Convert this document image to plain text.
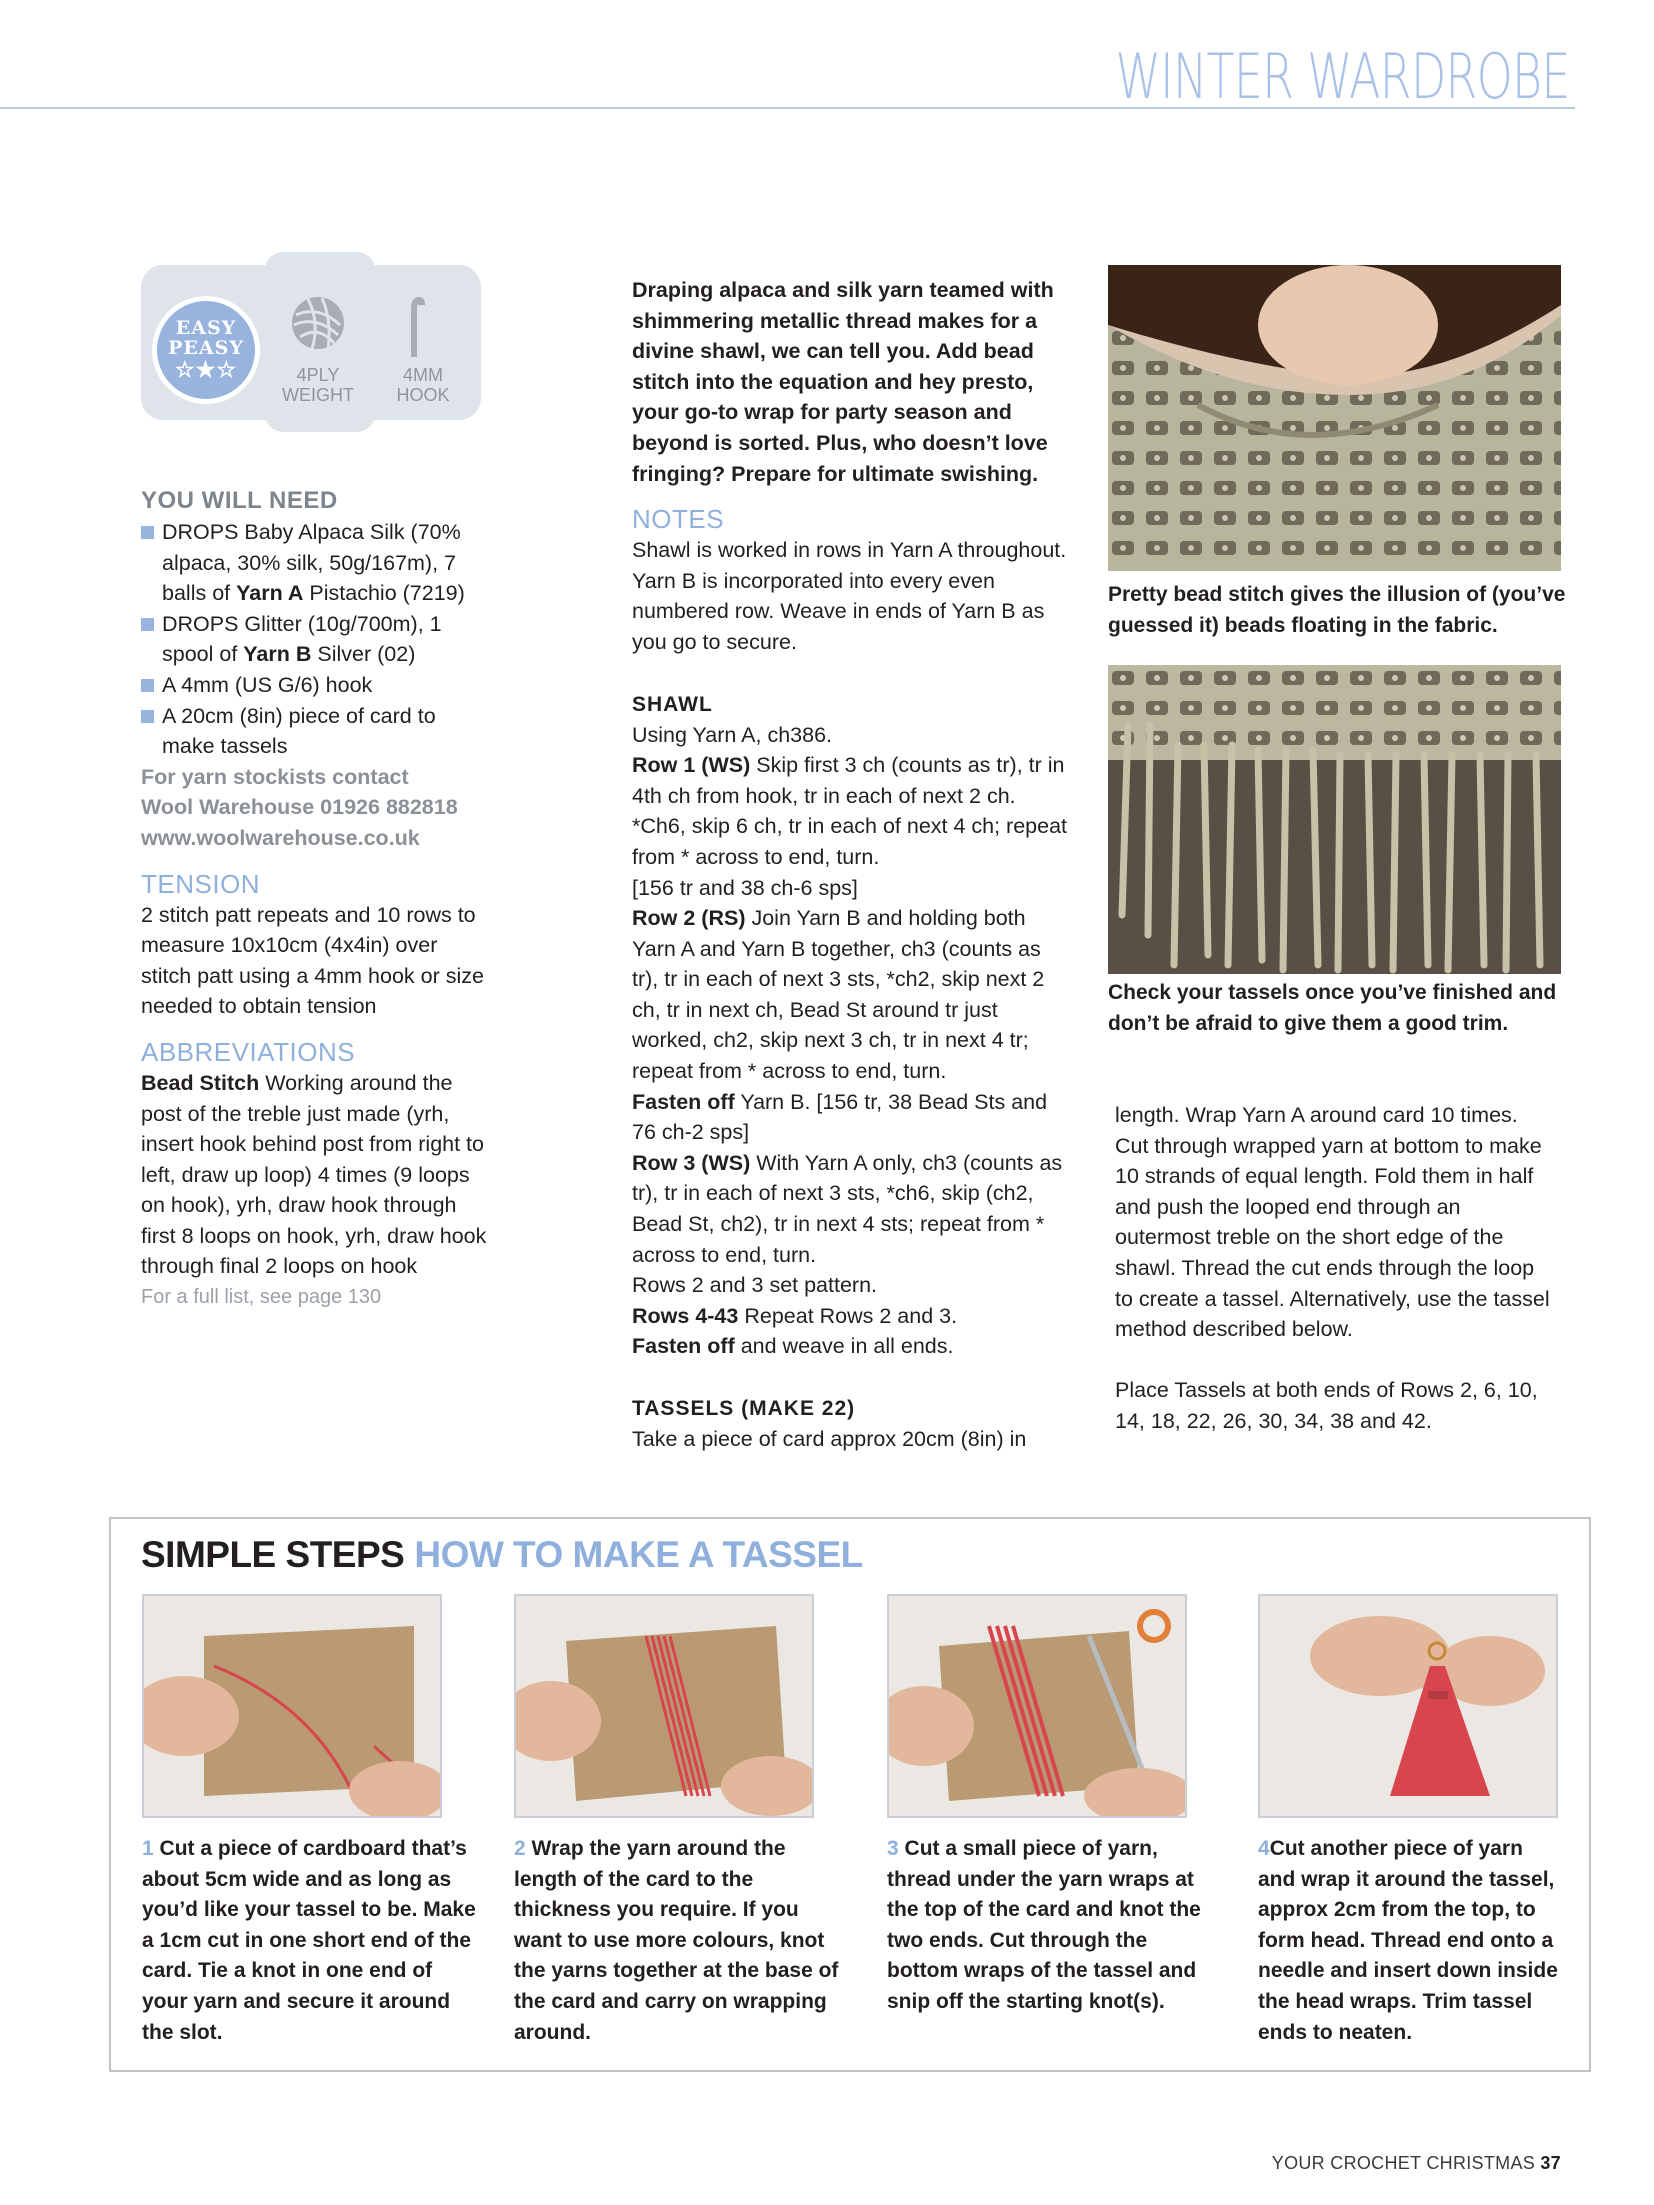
WINTER WARDROBE
EASY
PEASY
☆★☆	4PLY
WEIGHT
4MM
HOOK

YOU WILL NEED

DROPS Baby Alpaca Silk (70% alpaca, 30% silk, 50g/167m), 7 balls of Yarn A Pistachio (7219)

DROPS Glitter (10g/700m), 1 spool of Yarn B Silver (02)

A 4mm (US G/6) hook

A 20cm (8in) piece of card to make tassels

For yarn stockists contact

Wool Warehouse 01926 882818

www.woolwarehouse.co.uk

TENSION

2 stitch patt repeats and 10 rows to measure 10x10cm (4x4in) over stitch patt using a 4mm hook or size needed to obtain tension

ABBREVIATIONS

Bead Stitch Working around the post of the treble just made (yrh, insert hook behind post from right to left, draw up loop) 4 times (9 loops on hook), yrh, draw hook through first 8 loops on hook, yrh, draw hook through final 2 loops on hook

For a full list, see page 130

Draping alpaca and silk yarn teamed with shimmering metallic thread makes for a divine shawl, we can tell you. Add bead stitch into the equation and hey presto, your go-to wrap for party season and beyond is sorted. Plus, who doesn’t love fringing? Prepare for ultimate swishing.

NOTES

Shawl is worked in rows in Yarn A throughout. Yarn B is incorporated into every even numbered row. Weave in ends of Yarn B as you go to secure.

SHAWL

Using Yarn A, ch386.

Row 1 (WS) Skip first 3 ch (counts as tr), tr in 4th ch from hook, tr in each of next 2 ch. *Ch6, skip 6 ch, tr in each of next 4 ch; repeat from * across to end, turn.

[156 tr and 38 ch-6 sps]

Row 2 (RS) Join Yarn B and holding both Yarn A and Yarn B together, ch3 (counts as tr), tr in each of next 3 sts, *ch2, skip next 2 ch, tr in next ch, Bead St around tr just worked, ch2, skip next 3 ch, tr in next 4 tr; repeat from * across to end, turn.

Fasten off Yarn B. [156 tr, 38 Bead Sts and 76 ch-2 sps]

Row 3 (WS) With Yarn A only, ch3 (counts as tr), tr in each of next 3 sts, *ch6, skip (ch2, Bead St, ch2), tr in next 4 sts; repeat from * across to end, turn.

Rows 2 and 3 set pattern.

Rows 4-43 Repeat Rows 2 and 3.

Fasten off and weave in all ends.

TASSELS (MAKE 22)

Take a piece of card approx 20cm (8in) in

Pretty bead stitch gives the illusion of (you’ve guessed it) beads floating in the fabric.
Check your tassels once you’ve finished and don’t be afraid to give them a good trim.

length. Wrap Yarn A around card 10 times. Cut through wrapped yarn at bottom to make 10 strands of equal length. Fold them in half and push the looped end through an outermost treble on the short edge of the shawl. Thread the cut ends through the loop to create a tassel. Alternatively, use the tassel method described below.

Place Tassels at both ends of Rows 2, 6, 10, 14, 18, 22, 26, 30, 34, 38 and 42.

SIMPLE STEPS HOW TO MAKE A TASSEL
1 Cut a piece of cardboard that’s about 5cm wide and as long as you’d like your tassel to be. Make a 1cm cut in one short end of the card. Tie a knot in one end of your yarn and secure it around the slot.
2 Wrap the yarn around the length of the card to the thickness you require. If you want to use more colours, knot the yarns together at the base of the card and carry on wrapping around.
3 Cut a small piece of yarn, thread under the yarn wraps at the top of the card and knot the two ends. Cut through the bottom wraps of the tassel and snip off the starting knot(s).
4Cut another piece of yarn and wrap it around the tassel, approx 2cm from the top, to form head. Thread end onto a needle and insert down inside the head wraps. Trim tassel ends to neaten.
YOUR CROCHET CHRISTMAS 37
